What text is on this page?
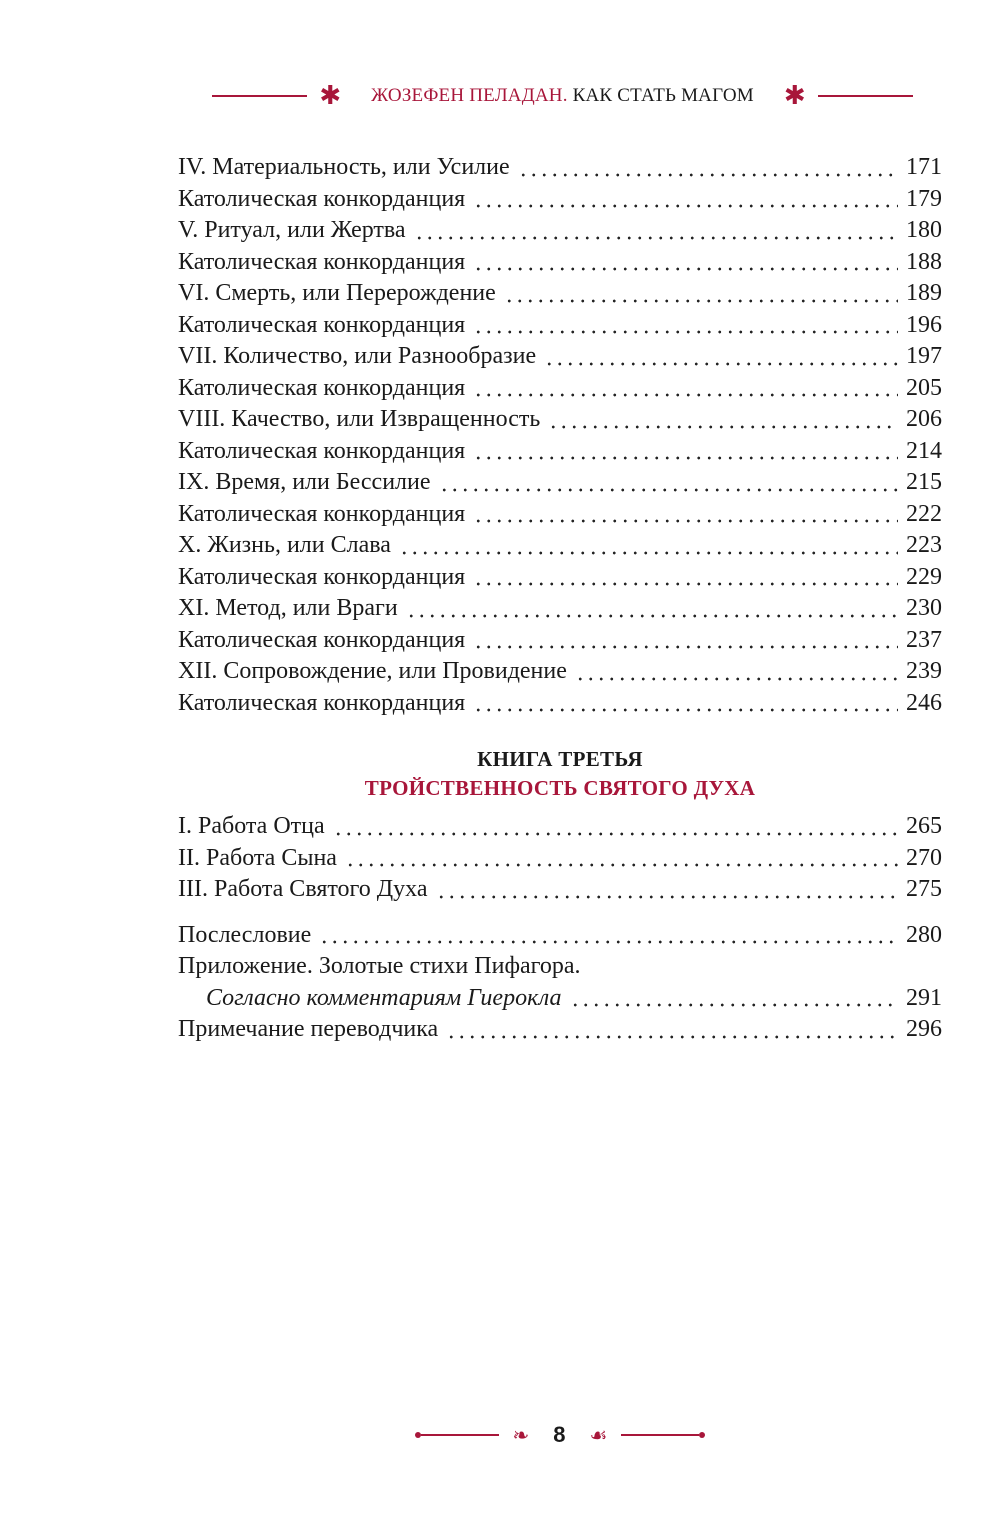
✱ ЖОЗЕФЕН ПЕЛАДАН. КАК СТАТЬ МАГОМ ✱
IV. Материальность, или Усилие	171
Католическая конкорданция	179
V. Ритуал, или Жертва	180
Католическая конкорданция	188
VI. Смерть, или Перерождение	189
Католическая конкорданция	196
VII. Количество, или Разнообразие	197
Католическая конкорданция	205
VIII. Качество, или Извращенность	206
Католическая конкорданция	214
IX. Время, или Бессилие	215
Католическая конкорданция	222
X. Жизнь, или Слава	223
Католическая конкорданция	229
XI. Метод, или Враги	230
Католическая конкорданция	237
XII. Сопровождение, или Провидение	239
Католическая конкорданция	246
КНИГА ТРЕТЬЯ
ТРОЙСТВЕННОСТЬ СВЯТОГО ДУХА
I. Работа Отца	265
II. Работа Сына	270
III. Работа Святого Духа	275
Послесловие	280
Приложение. Золотые стихи Пифагора.
Согласно комментариям Гиерокла	291
Примечание переводчика	296
❧ 8 ☙
